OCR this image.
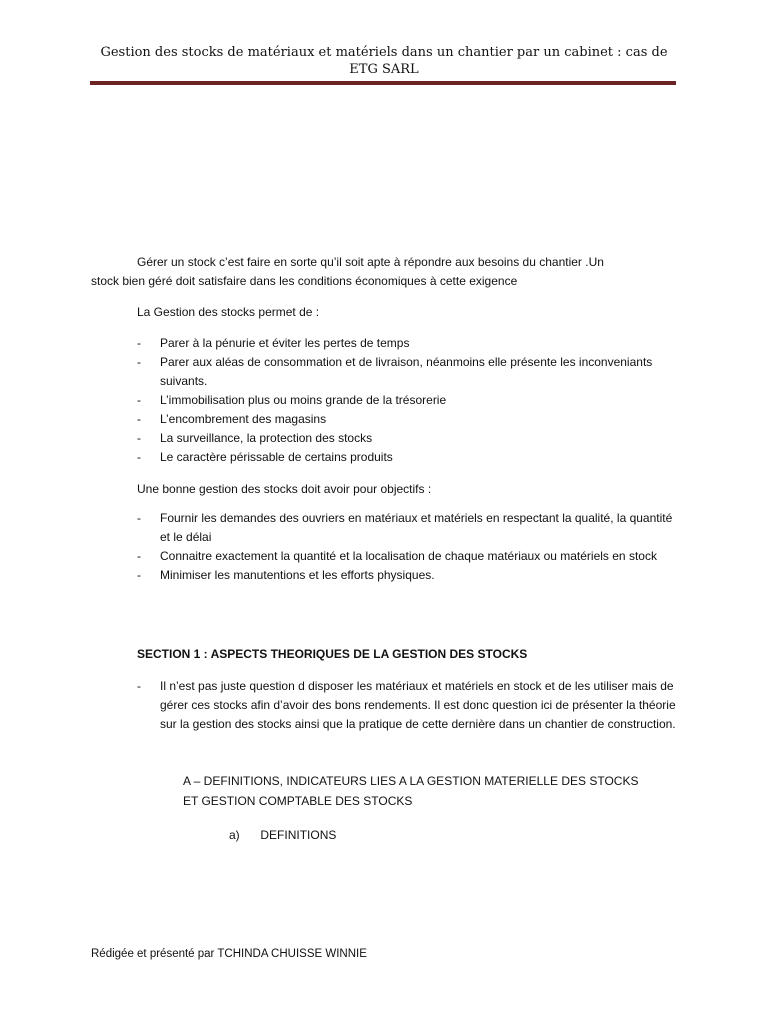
Gestion des stocks de matériaux et matériels dans un chantier par un cabinet : cas de
ETG SARL
Gérer un stock c’est faire en sorte qu’il soit apte à répondre aux besoins du chantier .Un
stock bien géré doit satisfaire dans les conditions économiques à cette exigence
La Gestion des stocks permet de :
- Parer à la pénurie et éviter les pertes de temps
- Parer aux aléas de consommation et de livraison, néanmoins elle présente les inconveniants suivants.
- L’immobilisation plus ou moins grande de la trésorerie
- L’encombrement des magasins
- La surveillance, la protection des stocks
- Le caractère périssable de certains produits
Une bonne gestion des stocks doit avoir pour objectifs :
- Fournir les demandes des ouvriers en matériaux et matériels en respectant la qualité, la quantité et le délai
- Connaitre exactement la quantité et la localisation de chaque matériaux ou matériels en stock
- Minimiser les manutentions et les efforts physiques.
SECTION 1 : ASPECTS THEORIQUES DE LA GESTION DES STOCKS
- Il n’est pas juste question d disposer les matériaux et matériels en stock et de les utiliser mais de gérer ces stocks afin d’avoir des bons rendements. Il est donc question ici de présenter la théorie sur la gestion des stocks ainsi que la pratique de cette dernière dans un chantier de construction.
A – DEFINITIONS, INDICATEURS LIES A LA GESTION MATERIELLE DES STOCKS ET GESTION COMPTABLE DES STOCKS
a) DEFINITIONS
Rédigée et présenté par TCHINDA CHUISSE WINNIE
